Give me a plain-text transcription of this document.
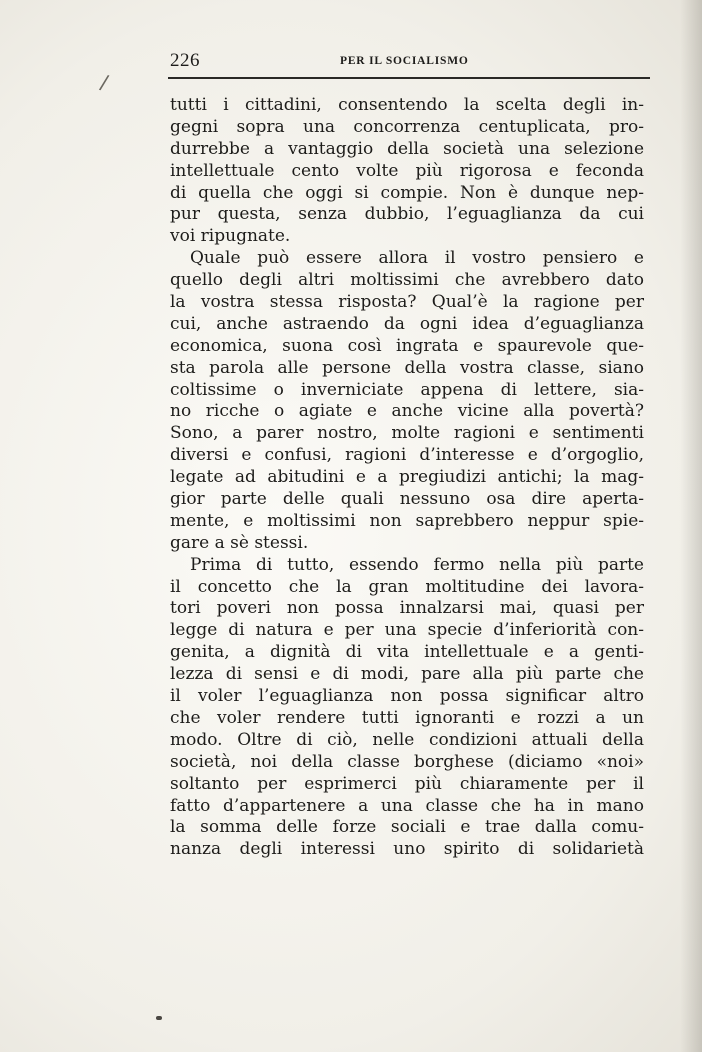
/
226	PER IL SOCIALISMO
tutti i cittadini, consentendo la scelta degli in-
gegni sopra una concorrenza centuplicata, pro-
durrebbe a vantaggio della società una selezione
intellettuale cento volte più rigorosa e feconda
di quella che oggi si compie. Non è dunque nep-
pur questa, senza dubbio, l’eguaglianza da cui
voi ripugnate.
Quale può essere allora il vostro pensiero e
quello degli altri moltissimi che avrebbero dato
la vostra stessa risposta? Qual’è la ragione per
cui, anche astraendo da ogni idea d’eguaglianza
economica, suona così ingrata e spaurevole que-
sta parola alle persone della vostra classe, siano
coltissime o inverniciate appena di lettere, sia-
no ricche o agiate e anche vicine alla povertà?
Sono, a parer nostro, molte ragioni e sentimenti
diversi e confusi, ragioni d’interesse e d’orgoglio,
legate ad abitudini e a pregiudizi antichi; la mag-
gior parte delle quali nessuno osa dire aperta-
mente, e moltissimi non saprebbero neppur spie-
gare a sè stessi.
Prima di tutto, essendo fermo nella più parte
il concetto che la gran moltitudine dei lavora-
tori poveri non possa innalzarsi mai, quasi per
legge di natura e per una specie d’inferiorità con-
genita, a dignità di vita intellettuale e a genti-
lezza di sensi e di modi, pare alla più parte che
il voler l’eguaglianza non possa significar altro
che voler rendere tutti ignoranti e rozzi a un
modo. Oltre di ciò, nelle condizioni attuali della
società, noi della classe borghese (diciamo «noi»
soltanto per esprimerci più chiaramente per il
fatto d’appartenere a una classe che ha in mano
la somma delle forze sociali e trae dalla comu-
nanza degli interessi uno spirito di solidarietà
